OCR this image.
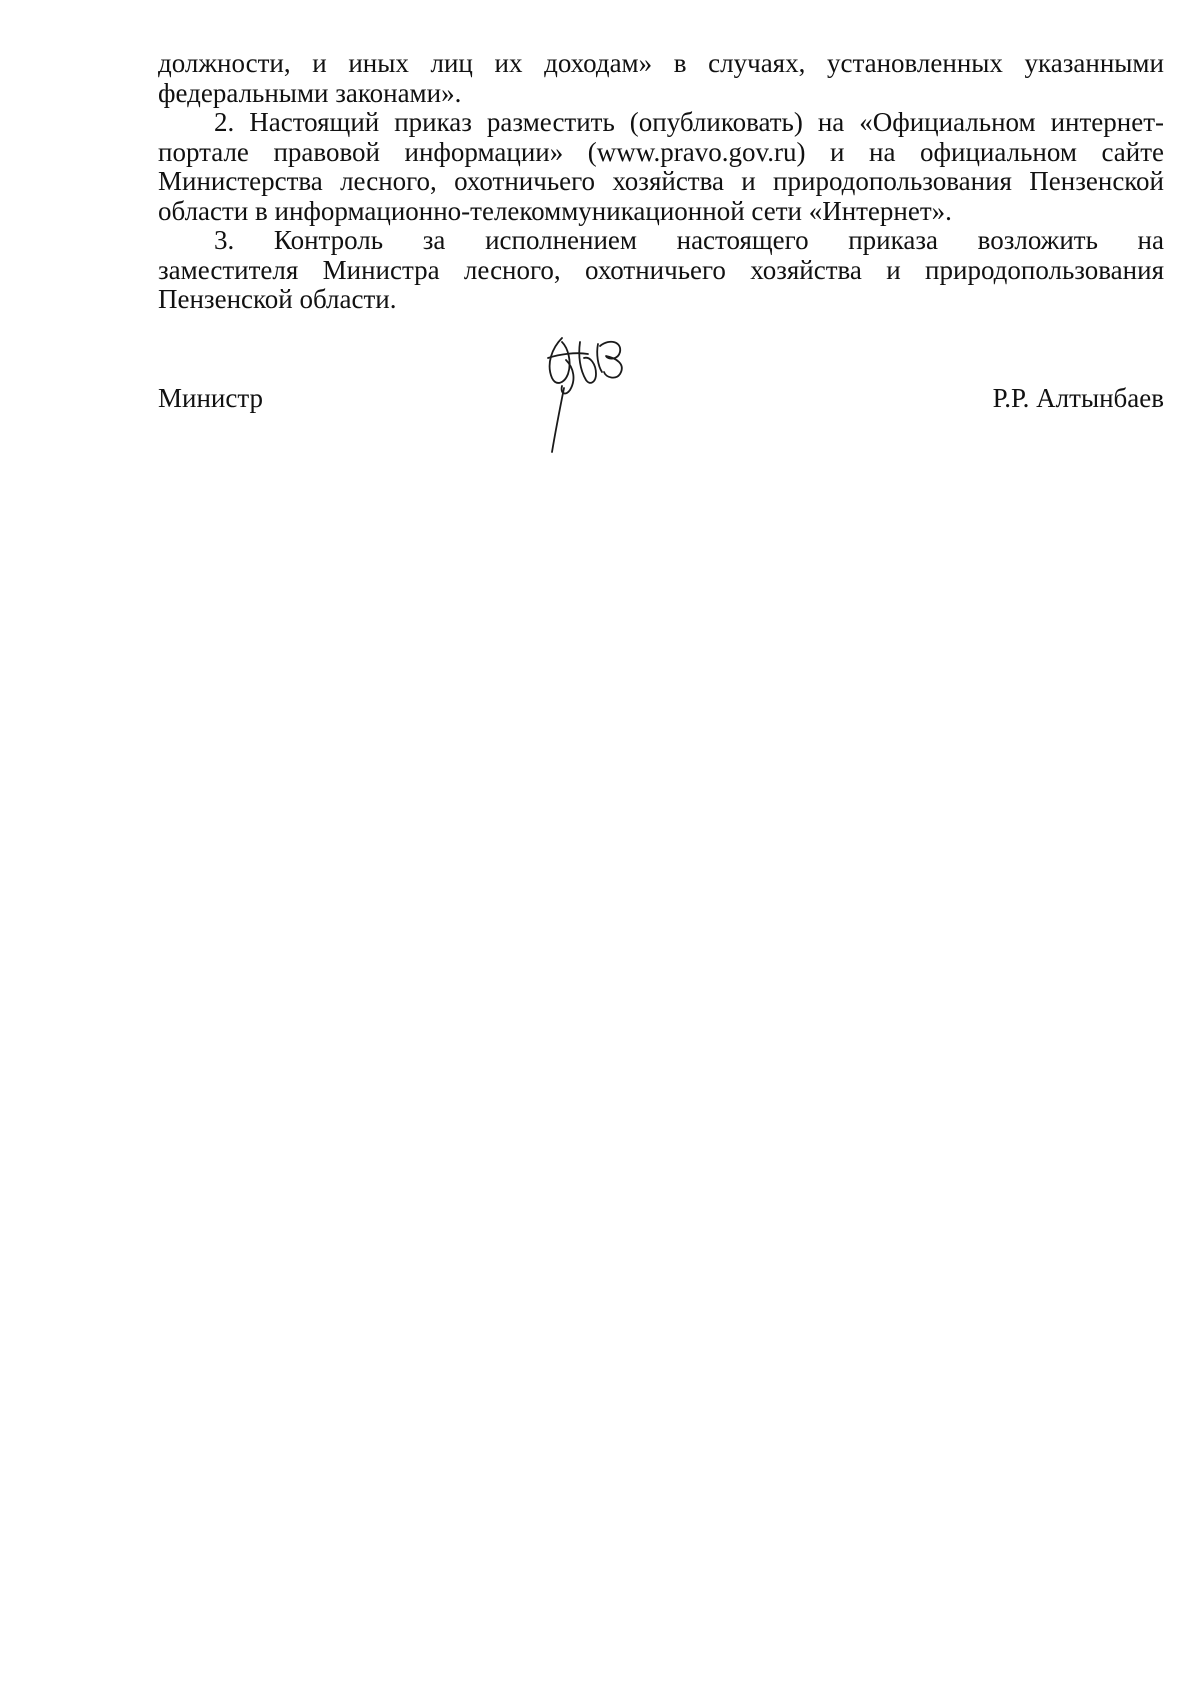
должности, и иных лиц их доходам» в случаях, установленных указанными

федеральными законами».

2. Настоящий приказ разместить (опубликовать) на «Официальном интернет-портале правовой информации» (www.pravo.gov.ru) и на официальном сайте Министерства лесного, охотничьего хозяйства и природопользования Пензенской области в информационно-телекоммуникационной сети «Интернет».

3. Контроль за исполнением настоящего приказа возложить на

заместителя Министра лесного, охотничьего хозяйства и природопользования Пензенской области.

Министр	Р.Р. Алтынбаев
